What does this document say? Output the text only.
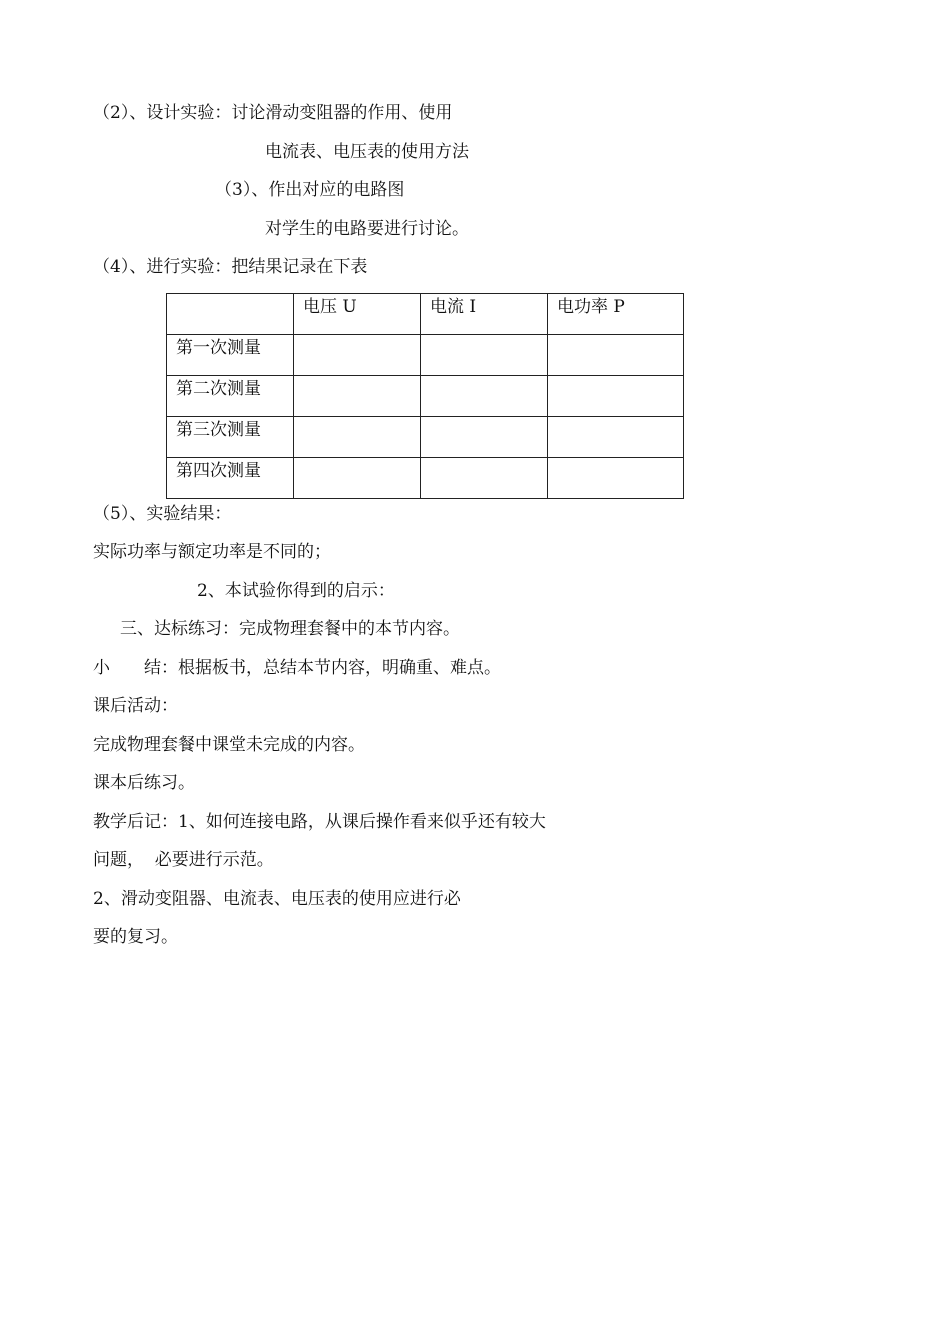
（2）、设计实验：讨论滑动变阻器的作用、使用

电流表、电压表的使用方法

（3）、作出对应的电路图

对学生的电路要进行讨论。

（4）、进行实验：把结果记录在下表

	电压 U	电流 I	电功率 P
第一次测量			
第二次测量			
第三次测量			
第四次测量			

（5）、实验结果：

实际功率与额定功率是不同的；

2、本试验你得到的启示：

三、达标练习：完成物理套餐中的本节内容。

小　　结：根据板书，总结本节内容，明确重、难点。

课后活动：

完成物理套餐中课堂未完成的内容。

课本后练习。

教学后记：1、如何连接电路，从课后操作看来似乎还有较大

问题，  必要进行示范。

2、滑动变阻器、电流表、电压表的使用应进行必

要的复习。
